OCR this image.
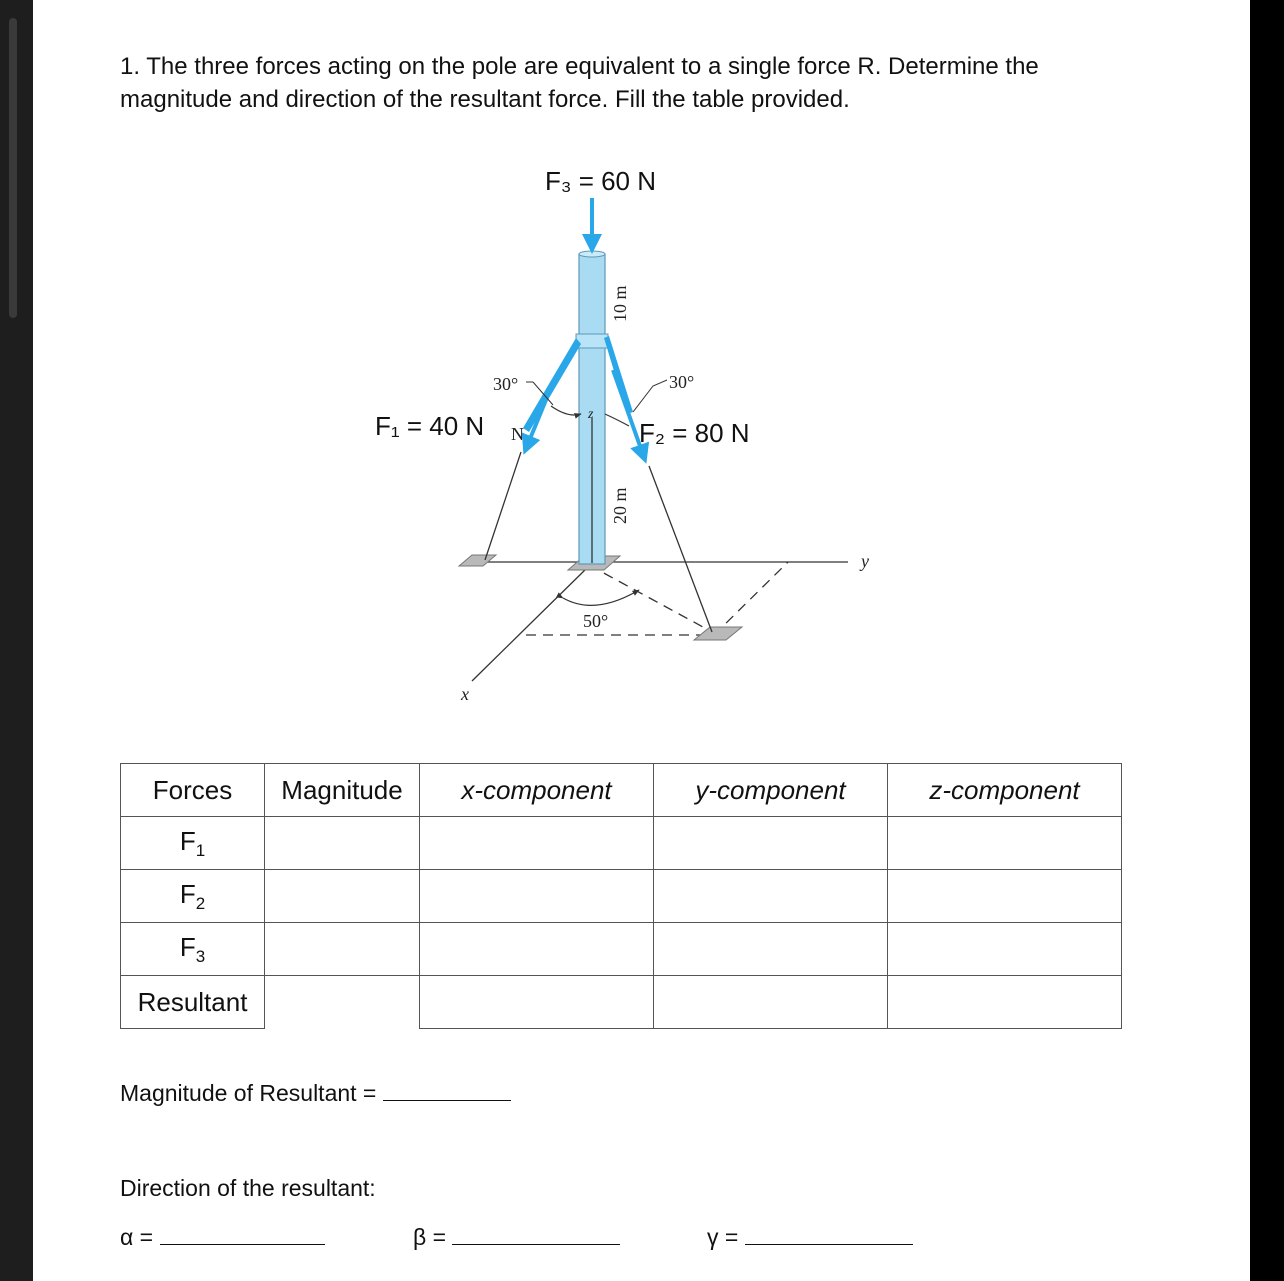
1. The three forces acting on the pole are equivalent to a single force R. Determine the magnitude and direction of the resultant force. Fill the table provided.

y
x
z
F₃ = 60 N
F₁ = 40 N N	F₂ = 80 N
30°	30°
50°
10 m
20 m
Forces	Magnitude	x-component	y-component	z-component
$F_1$				
$F_2$				
$F_3$				
Resultant				
Magnitude of Resultant =
Direction of the resultant:
α =	β =	γ =
